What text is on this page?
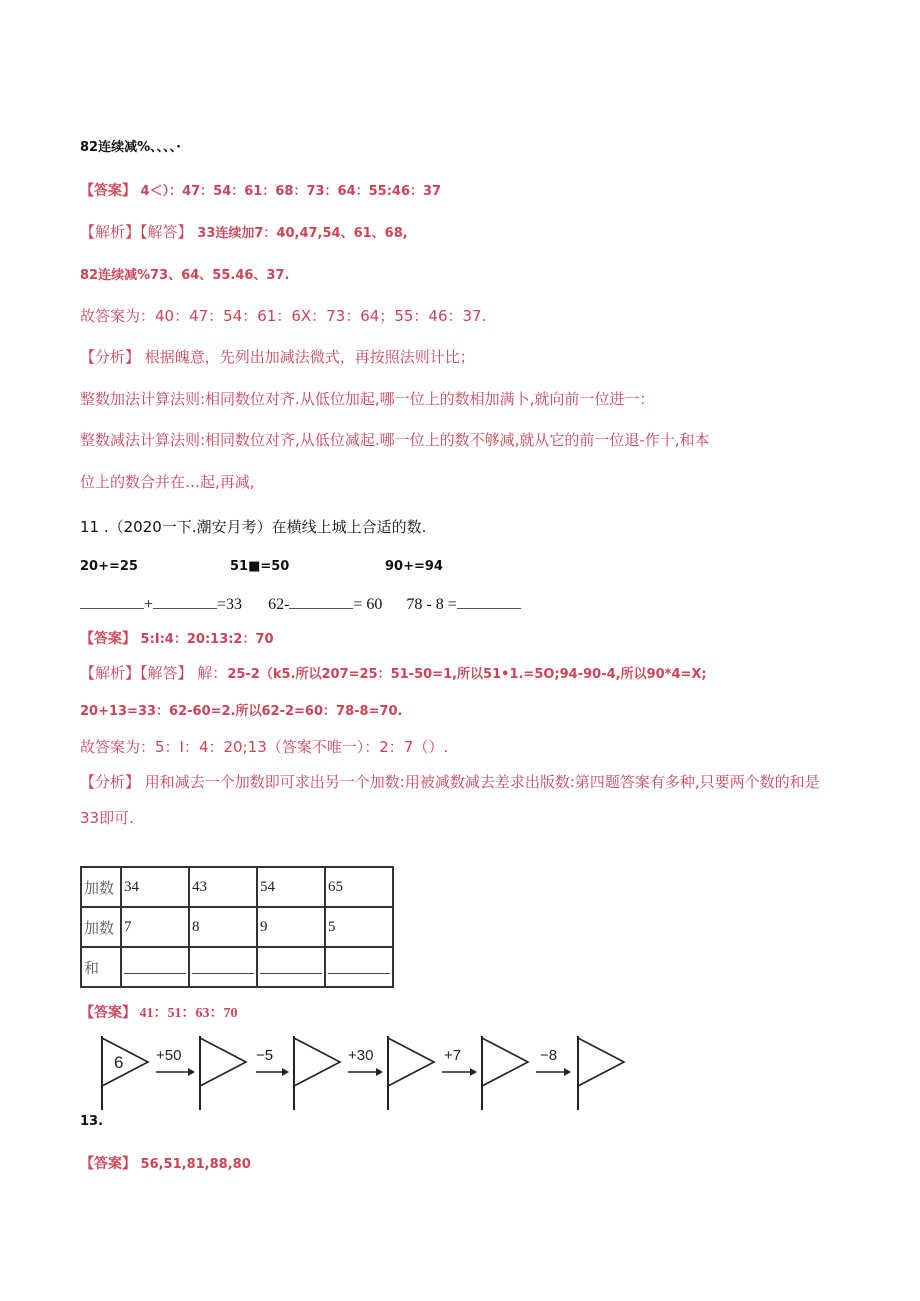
82连续减%、、、、·
【答案】 4＜）：47：54：61：68：73：64：55:46：37
【解析】【解答】 33连续加7：40,47,54、61、68,
82连续减%73、64、55.46、37.
故答案为：40：47：54：61：6X：73：64；55：46：37.
【分析】 根据魄意，先列出加减法微式，再按照法则计比；
整数加法计算法则:相同数位对齐.从低位加起,哪一位上的数相加满卜,就向前一位进一：
整数减法计算法则:相同数位对齐,从低位减起.哪一位上的数不够减,就从它的前一位退-作十,和本
位上的数合并在…起,再减,
11 .（2020一下.潮安月考）在横线上城上合适的数.
20+=25	51■=50	90+=94
+	=33 62-	= 60 78 - 8 =
【答案】 5:I:4：20:13:2：70
【解析】【解答】 解：25-2（k5.所以207=25：51-50=1,所以51•1.=5O;94-90-4,所以90*4=X;
20+13=33：62-60=2.所以62-2=60：78-8=70.
故答案为：5：I：4：20;13（答案不唯一）：2：7（）.
【分析】 用和减去一个加数即可求出另一个加数:用被减数减去差求出版数:第四题答案有多种,只要两个数的和是
33即可.
加数	34	43	54	65
加数	7	8	9	5
和				
【答案】 41：51：63：70
6 +50	−5	+30	+7	−8
13.
【答案】 56,51,81,88,80
